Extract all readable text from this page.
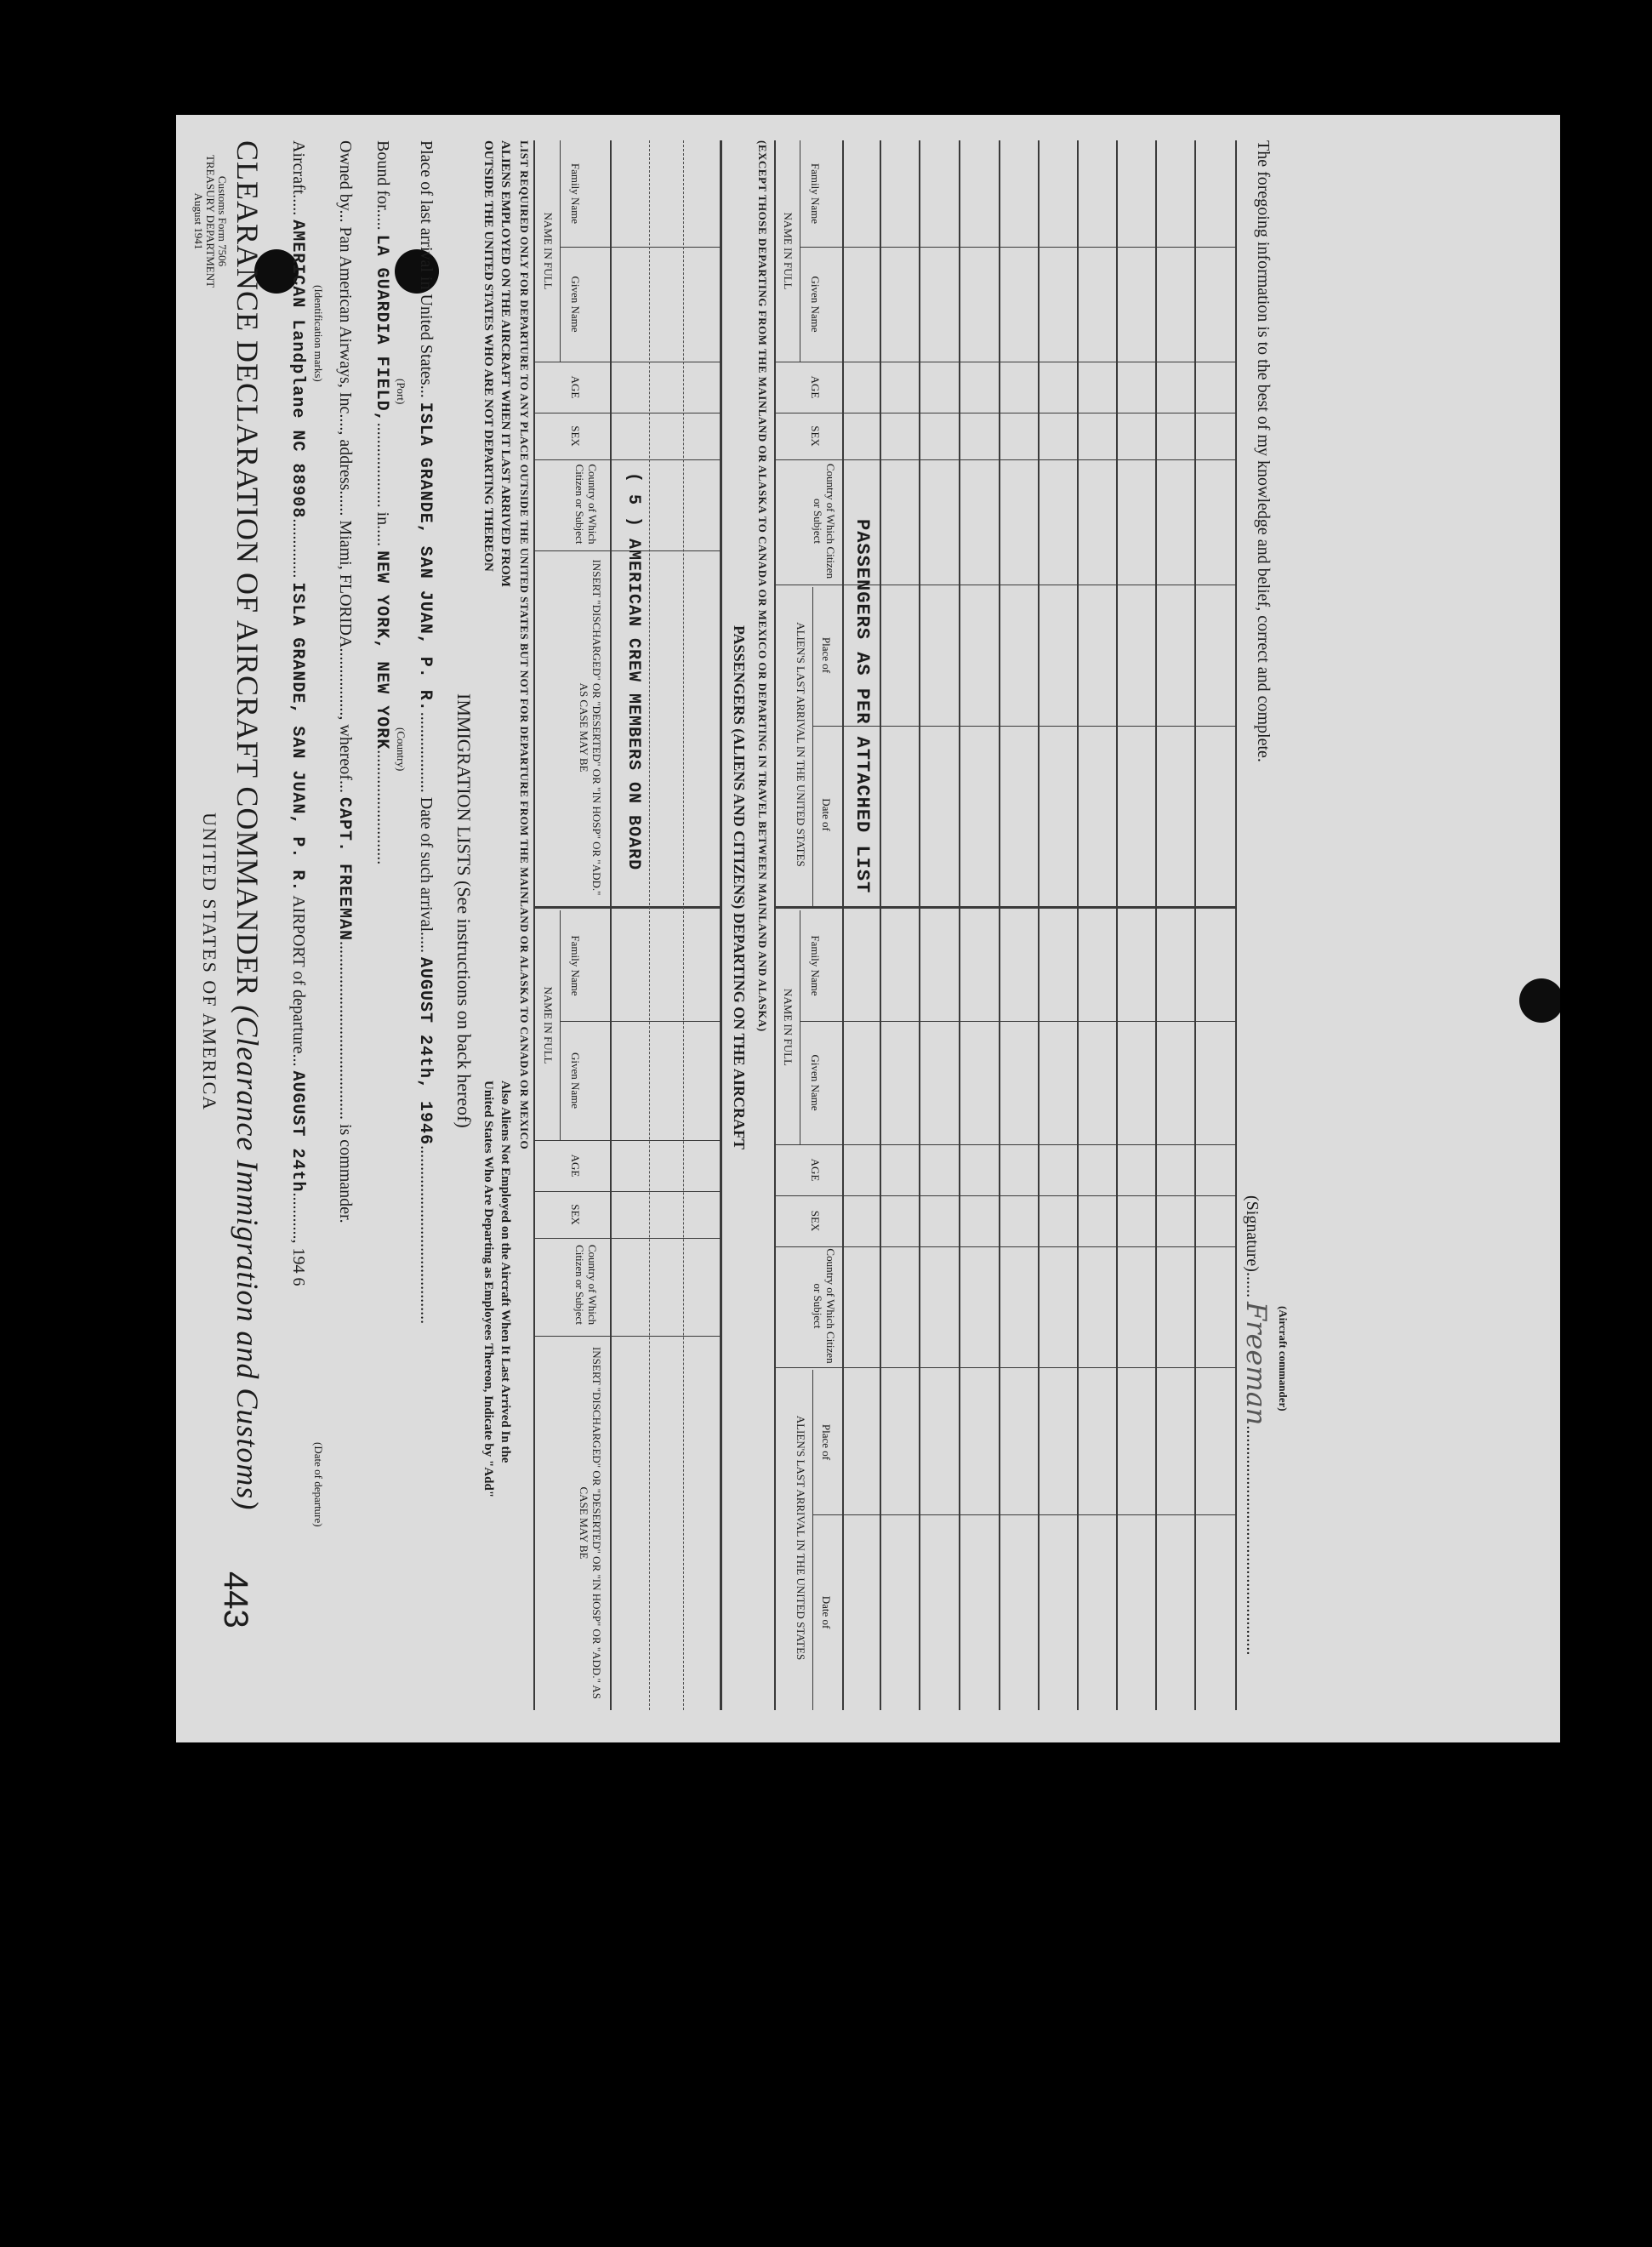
Customs Form 7506
TREASURY DEPARTMENT
August 1941
UNITED STATES OF AMERICA
443
CLEARANCE DECLARATION OF AIRCRAFT COMMANDER (Clearance Immigration and Customs)
Aircraft..... AMERICAN Landplane NC 88908.............. ISLA GRANDE, SAN JUAN, P. R. AIRPORT of departure... AUGUST 24th..........., 194 6
(Identification marks)
(Date of departure)
Owned by... Pan American Airways, Inc...., address...... Miami, FLORIDA................, whereof... CAPT. FREEMAN.......................................... is commander.
Bound for..... LA GUARDIA FIELD,.................... in..... NEW YORK, NEW YORK...........................
(Port)
(Country)
Place of last arrival in United States... ISLA GRANDE, SAN JUAN, P. R.................... Date of such arrival..... AUGUST 24th, 1946..........................................
IMMIGRATION LISTS (See instructions on back hereof)
ALIENS EMPLOYED ON THE AIRCRAFT WHEN IT LAST ARRIVED FROM
OUTSIDE THE UNITED STATES WHO ARE NOT DEPARTING THEREON
Also Aliens Not Employed on the Aircraft When It Last Arrived In the
United States Who Are Departing as Employees Thereon, Indicate by "Add"
LIST REQUIRED ONLY FOR DEPARTURE TO ANY PLACE OUTSIDE THE UNITED STATES BUT NOT FOR DEPARTURE FROM THE MAINLAND OR ALASKA TO CANADA OR MEXICO NAME IN FULL
Family Name
Given Name
AGE
SEX
Country of Which Citizen or Subject
INSERT "DISCHARGED" OR "DESERTED" OR "IN HOSP" OR "ADD." AS CASE MAY BE
NAME IN FULL
Family Name
Given Name
AGE
SEX
Country of Which Citizen or Subject
INSERT "DISCHARGED" OR "DESERTED" OR "IN HOSP" OR "ADD." AS CASE MAY BE
( 5 ) AMERICAN CREW MEMBERS ON BOARD	PASSENGERS (ALIENS AND CITIZENS) DEPARTING ON THE AIRCRAFT (EXCEPT THOSE DEPARTING FROM THE MAINLAND OR ALASKA TO CANADA OR MEXICO OR DEPARTING IN TRAVEL BETWEEN MAINLAND AND ALASKA) NAME IN FULL
Family Name
Given Name
AGE
SEX
Country of Which Citizen or Subject
ALIEN'S LAST ARRIVAL IN THE UNITED STATES Place of
Date of
NAME IN FULL
Family Name
Given Name
AGE
SEX
Country of Which Citizen or Subject
ALIEN'S LAST ARRIVAL IN THE UNITED STATES Place of
Date of
PASSENGERS AS PER ATTACHED LIST	The foregoing information is to the best of my knowledge and belief, correct and complete.
(Signature)...... Freeman......................................................
(Aircraft commander)
